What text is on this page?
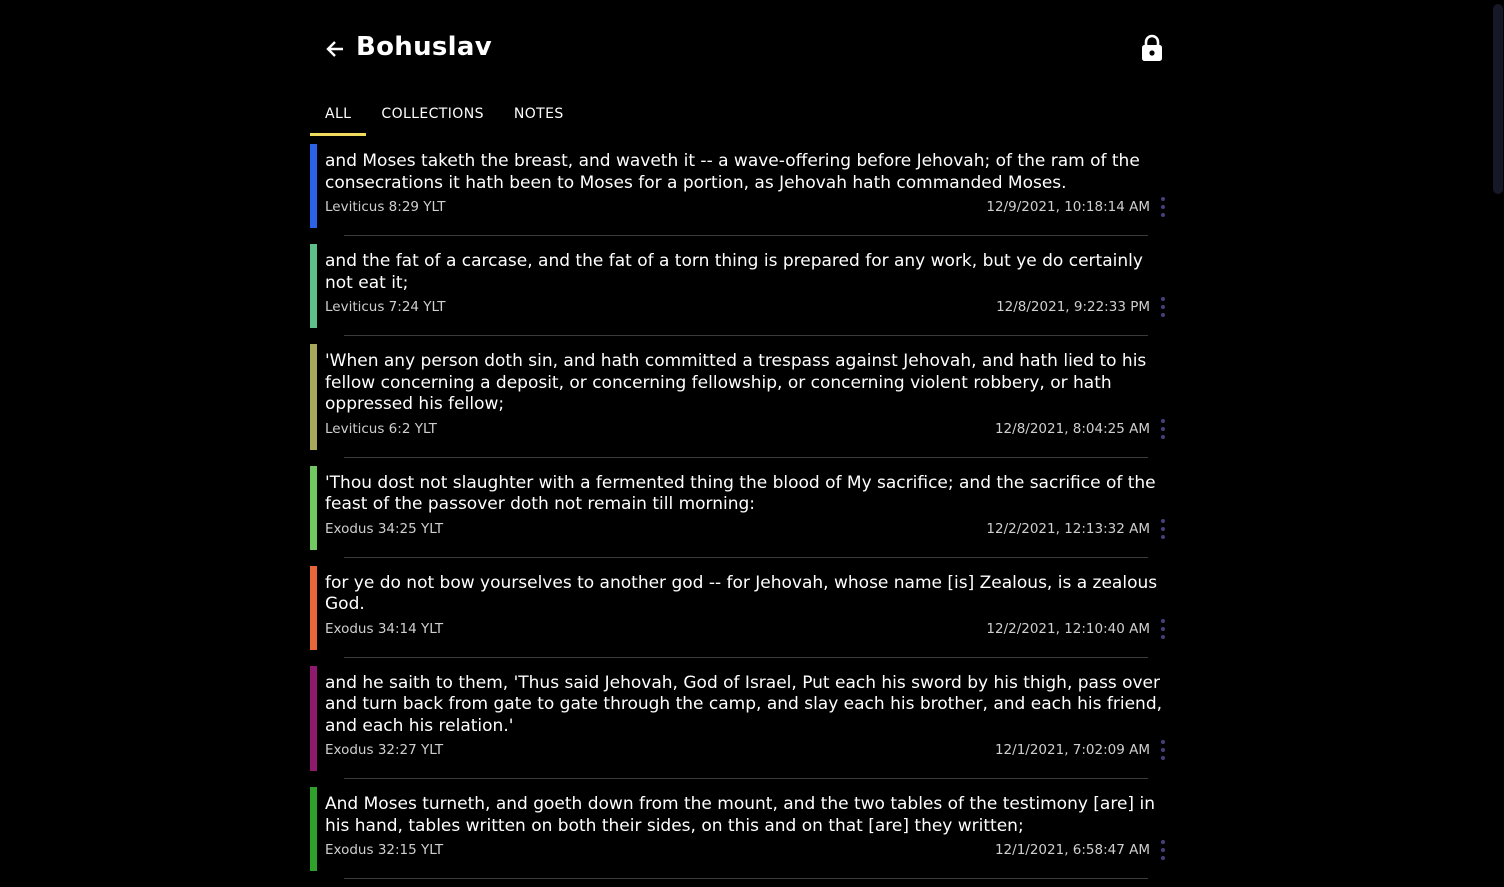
Bohuslav
ALL	COLLECTIONS	NOTES

and Moses taketh the breast, and waveth it -- a wave-offering before Jehovah; of the ram of the consecrations it hath been to Moses for a portion, as Jehovah hath commanded Moses.

Leviticus 8:29 YLT	12/9/2021, 10:18:14 AM

and the fat of a carcase, and the fat of a torn thing is prepared for any work, but ye do certainly not eat it;

Leviticus 7:24 YLT	12/8/2021, 9:22:33 PM

'When any person doth sin, and hath committed a trespass against Jehovah, and hath lied to his fellow concerning a deposit, or concerning fellowship, or concerning violent robbery, or hath oppressed his fellow;

Leviticus 6:2 YLT	12/8/2021, 8:04:25 AM

'Thou dost not slaughter with a fermented thing the blood of My sacrifice; and the sacrifice of the feast of the passover doth not remain till morning:

Exodus 34:25 YLT	12/2/2021, 12:13:32 AM

for ye do not bow yourselves to another god -- for Jehovah, whose name [is] Zealous, is a zealous God.

Exodus 34:14 YLT	12/2/2021, 12:10:40 AM

and he saith to them, 'Thus said Jehovah, God of Israel, Put each his sword by his thigh, pass over and turn back from gate to gate through the camp, and slay each his brother, and each his friend, and each his relation.'

Exodus 32:27 YLT	12/1/2021, 7:02:09 AM

And Moses turneth, and goeth down from the mount, and the two tables of the testimony [are] in his hand, tables written on both their sides, on this and on that [are] they written;

Exodus 32:15 YLT	12/1/2021, 6:58:47 AM
